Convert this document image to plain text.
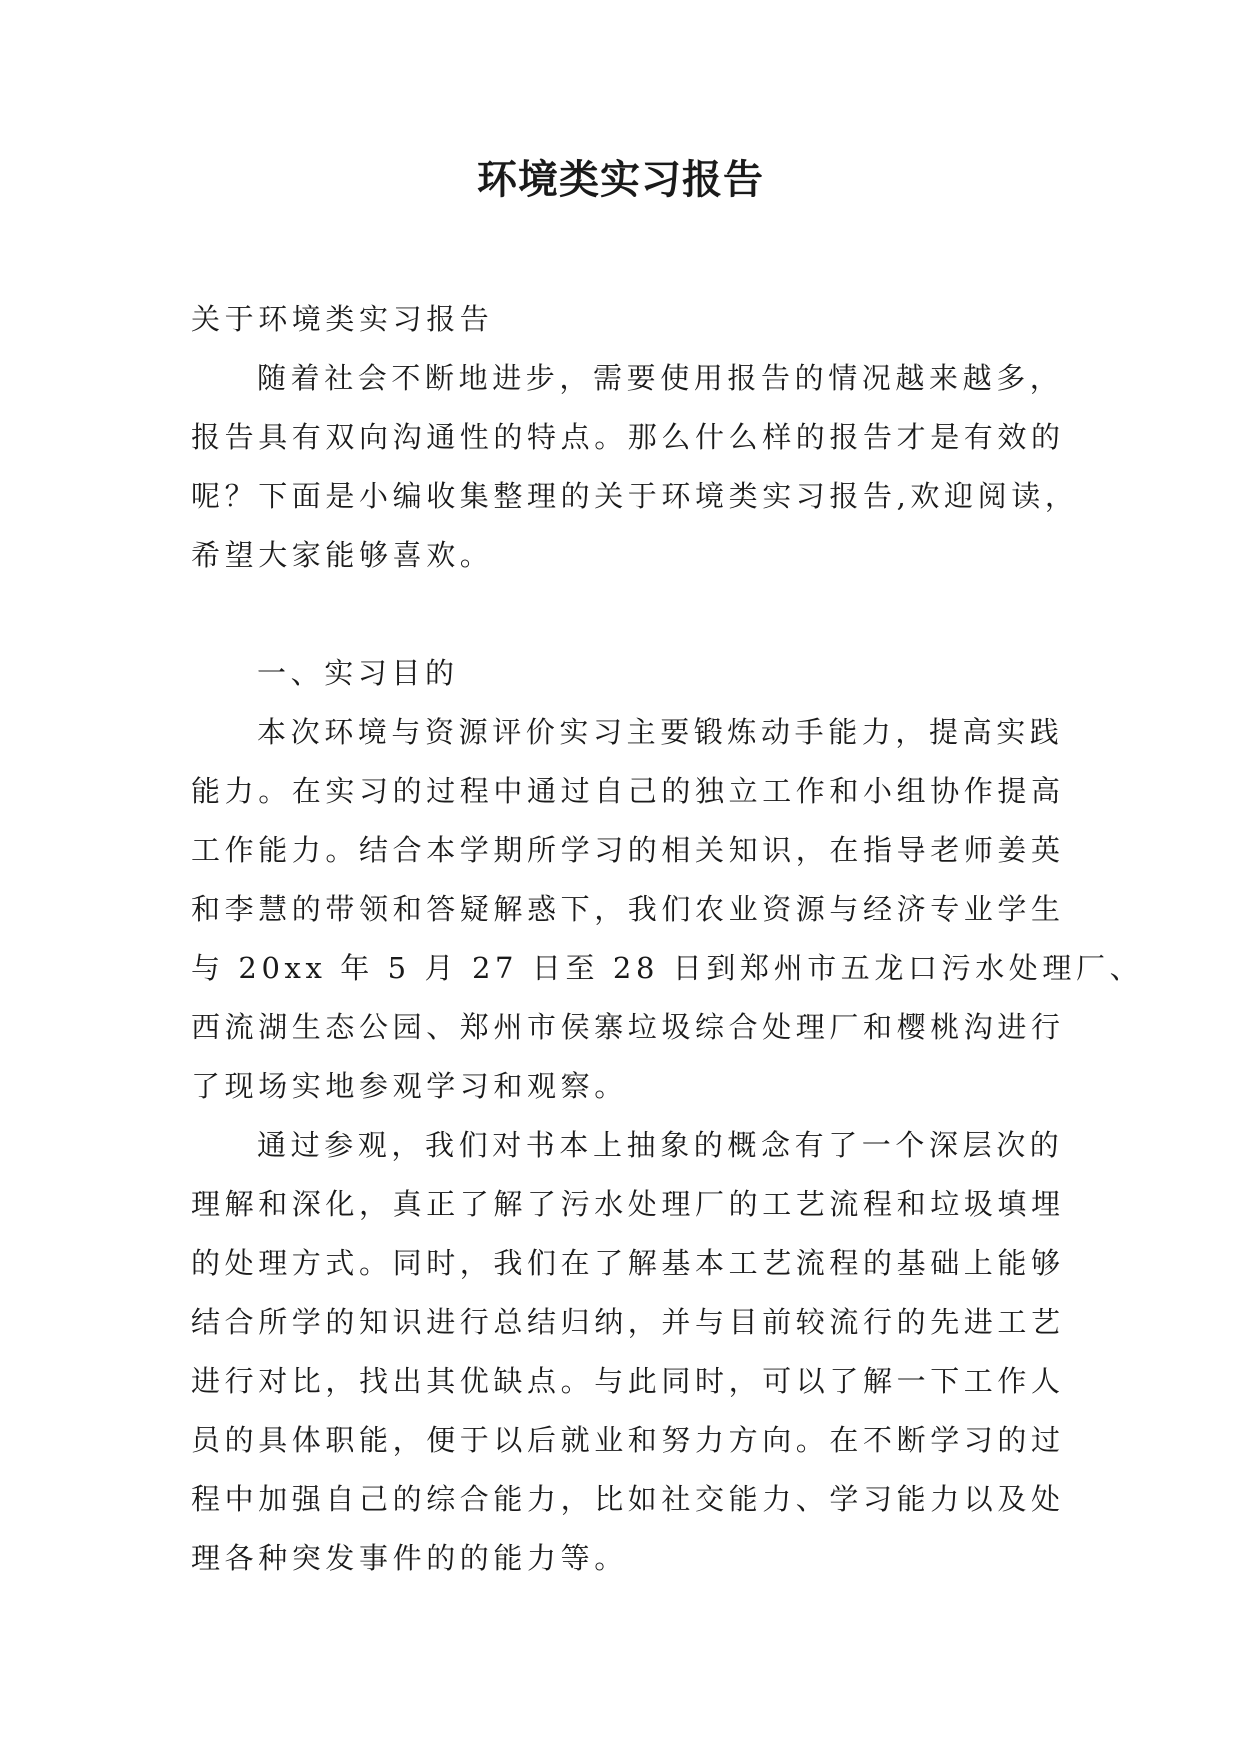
环境类实习报告
关于环境类实习报告
随着社会不断地进步，需要使用报告的情况越来越多，
报告具有双向沟通性的特点。那么什么样的报告才是有效的
呢？下面是小编收集整理的关于环境类实习报告,欢迎阅读，
希望大家能够喜欢。
一、实习目的
本次环境与资源评价实习主要锻炼动手能力，提高实践
能力。在实习的过程中通过自己的独立工作和小组协作提高
工作能力。结合本学期所学习的相关知识，在指导老师姜英
和李慧的带领和答疑解惑下，我们农业资源与经济专业学生
与 20xx 年 5 月 27 日至 28 日到郑州市五龙口污水处理厂、
西流湖生态公园、郑州市侯寨垃圾综合处理厂和樱桃沟进行
了现场实地参观学习和观察。
通过参观，我们对书本上抽象的概念有了一个深层次的
理解和深化，真正了解了污水处理厂的工艺流程和垃圾填埋
的处理方式。同时，我们在了解基本工艺流程的基础上能够
结合所学的知识进行总结归纳，并与目前较流行的先进工艺
进行对比，找出其优缺点。与此同时，可以了解一下工作人
员的具体职能，便于以后就业和努力方向。在不断学习的过
程中加强自己的综合能力，比如社交能力、学习能力以及处
理各种突发事件的的能力等。
